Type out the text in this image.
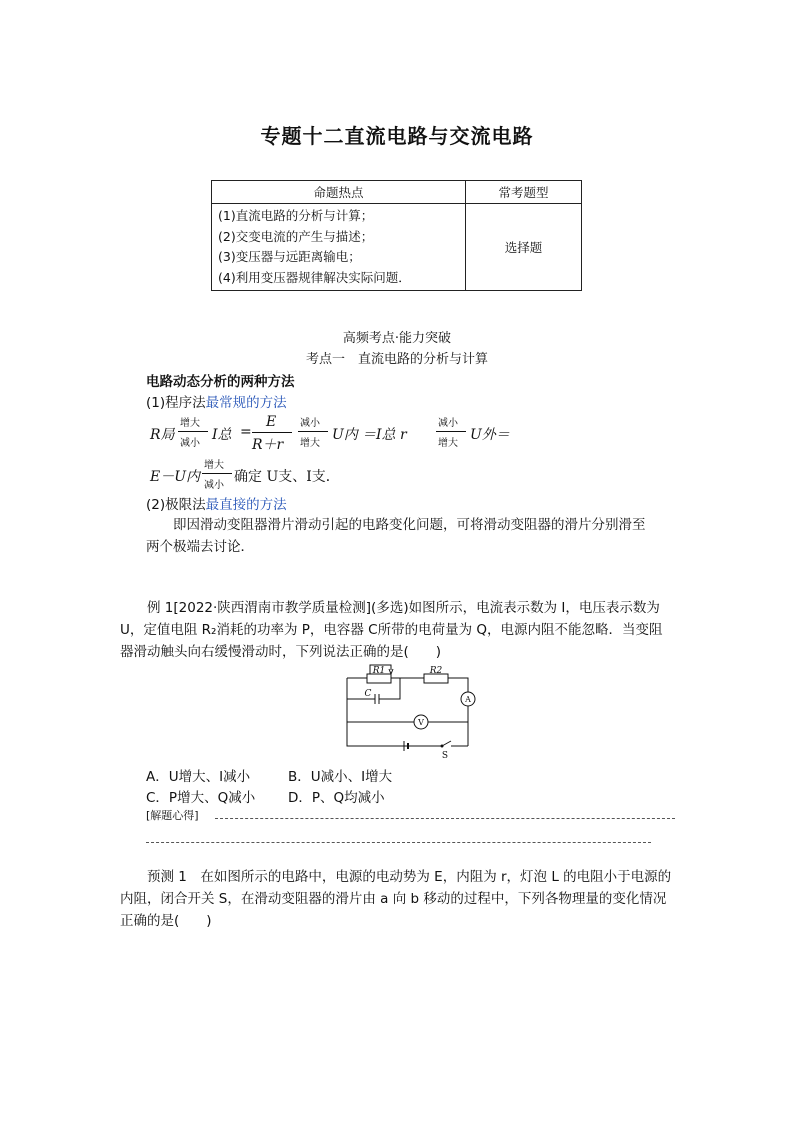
专题十二直流电路与交流电路
命题热点	常考题型

(1)直流电路的分析与计算；
(2)交变电流的产生与描述；
(3)变压器与远距离输电；
(4)利用变压器规律解决实际问题．	选择题
高频考点·能力突破
考点一　直流电路的分析与计算
电路动态分析的两种方法
(1)程序法最常规的方法
R局
增大
减小
I总 =
E
R＋r
减小
增大
U内 ＝I总 r
减小
增大
U外＝
E－U内
增大
减小
确定 U支、I支．
(2)极限法最直接的方法
即因滑动变阻器滑片滑动引起的电路变化问题，可将滑动变阻器的滑片分别滑至两个极端去讨论．
例 1[2022·陕西渭南市教学质量检测](多选)如图所示，电流表示数为 I，电压表示数为 U，定值电阻 R₂消耗的功率为 P，电容器 C所带的电荷量为 Q，电源内阻不能忽略．当变阻器滑动触头向右缓慢滑动时，下列说法正确的是(　　)
R1	R2
C
A
V
S
A．U增大、I减小	B．U减小、I增大
C．P增大、Q减小 D．P、Q均减小
[解题心得]
预测 1　在如图所示的电路中，电源的电动势为 E，内阻为 r，灯泡 L 的电阻小于电源的内阻，闭合开关 S，在滑动变阻器的滑片由 a 向 b 移动的过程中，下列各物理量的变化情况正确的是(　　)
